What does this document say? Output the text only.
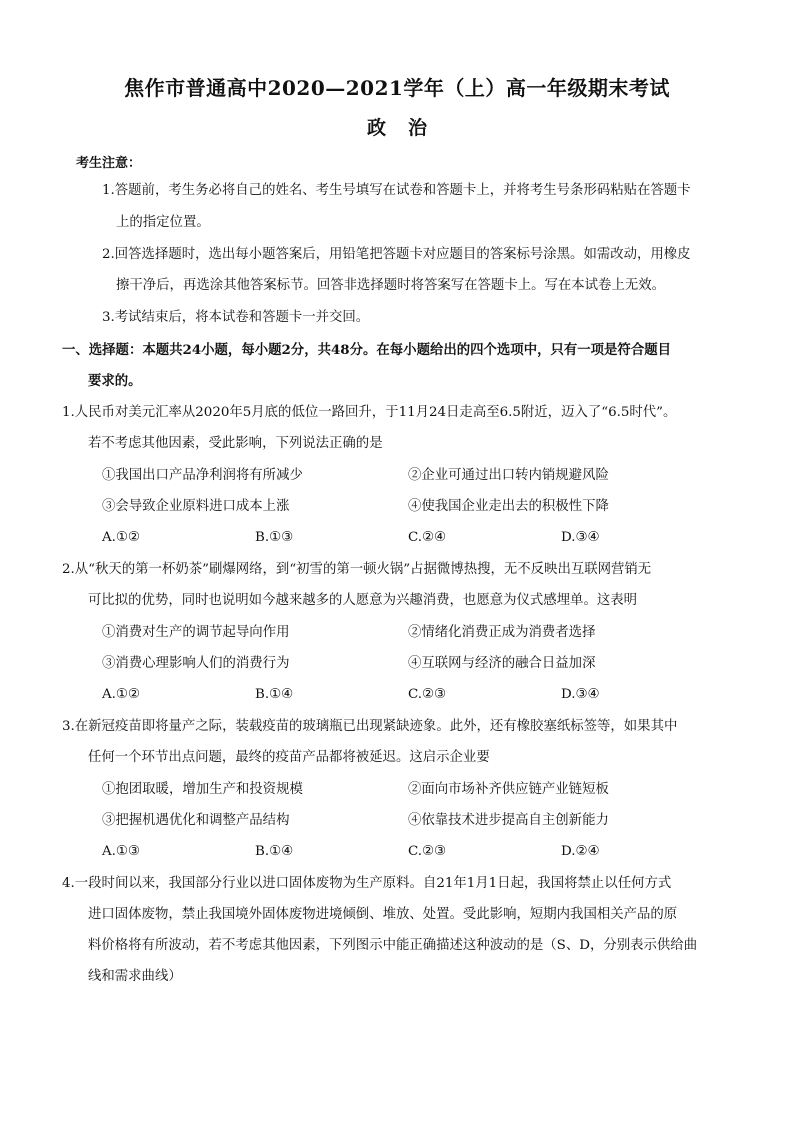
焦作市普通高中2020—2021学年（上）高一年级期末考试
政治
考生注意：
1.答题前，考生务必将自己的姓名、考生号填写在试卷和答题卡上，并将考生号条形码粘贴在答题卡
上的指定位置。
2.回答选择题时，选出每小题答案后，用铅笔把答题卡对应题目的答案标号涂黑。如需改动，用橡皮
擦干净后，再选涂其他答案标节。回答非选择题时将答案写在答题卡上。写在本试卷上无效。
3.考试结束后，将本试卷和答题卡一并交回。
一、选择题：本题共24小题，每小题2分，共48分。在每小题给出的四个选项中，只有一项是符合题目
要求的。
1.人民币对美元汇率从2020年5月底的低位一路回升，于11月24日走高至6.5附近，迈入了“6.5时代”。
若不考虑其他因素，受此影响，下列说法正确的是
①我国出口产品净利润将有所减少	②企业可通过出口转内销规避风险
③会导致企业原料进口成本上涨	④使我国企业走出去的积极性下降
A.①②	B.①③	C.②④	D.③④
2.从“秋天的第一杯奶茶”刷爆网络，到“初雪的第一顿火锅”占据微博热搜，无不反映出互联网营销无
可比拟的优势，同时也说明如今越来越多的人愿意为兴趣消费，也愿意为仪式感埋单。这表明
①消费对生产的调节起导向作用	②情绪化消费正成为消费者选择
③消费心理影响人们的消费行为	④互联网与经济的融合日益加深
A.①②	B.①④	C.②③	D.③④
3.在新冠疫苗即将量产之际，装载疫苗的玻璃瓶已出现紧缺迹象。此外，还有橡胶塞纸标签等，如果其中
任何一个环节出点问题，最终的疫苗产品都将被延迟。这启示企业要
①抱团取暖，增加生产和投资规模	②面向市场补齐供应链产业链短板
③把握机遇优化和调整产品结构	④依靠技术进步提高自主创新能力
A.①③	B.①④	C.②③	D.②④
4.一段时间以来，我国部分行业以进口固体废物为生产原料。自21年1月1日起，我国将禁止以任何方式
进口固体废物，禁止我国境外固体废物进境倾倒、堆放、处置。受此影响，短期内我国相关产品的原
料价格将有所波动，若不考虑其他因素，下列图示中能正确描述这种波动的是（S、D，分别表示供给曲
线和需求曲线）
